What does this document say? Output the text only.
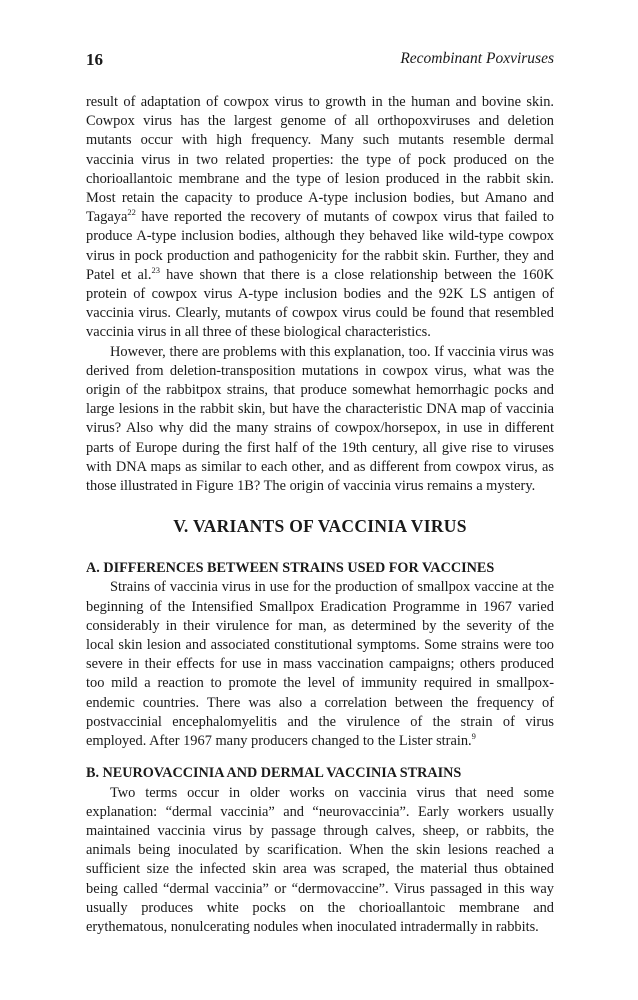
16	Recombinant Poxviruses

result of adaptation of cowpox virus to growth in the human and bovine skin. Cowpox virus has the largest genome of all orthopoxviruses and deletion mutants occur with high frequency. Many such mutants resemble dermal vaccinia virus in two related properties: the type of pock produced on the chorioallantoic membrane and the type of lesion produced in the rabbit skin. Most retain the capacity to produce A-type inclusion bodies, but Amano and Tagaya$^{22}$ have reported the recovery of mutants of cowpox virus that failed to produce A-type inclusion bodies, although they behaved like wild-type cowpox virus in pock production and pathogenicity for the rabbit skin. Further, they and Patel et al.$^{23}$ have shown that there is a close relationship between the 160K protein of cowpox virus A-type inclusion bodies and the 92K LS antigen of vaccinia virus. Clearly, mutants of cowpox virus could be found that resembled vaccinia virus in all three of these biological characteristics.

However, there are problems with this explanation, too. If vaccinia virus was derived from deletion-transposition mutations in cowpox virus, what was the origin of the rabbitpox strains, that produce somewhat hemorrhagic pocks and large lesions in the rabbit skin, but have the characteristic DNA map of vaccinia virus? Also why did the many strains of cowpox/horsepox, in use in different parts of Europe during the first half of the 19th century, all give rise to viruses with DNA maps as similar to each other, and as different from cowpox virus, as those illustrated in Figure 1B? The origin of vaccinia virus remains a mystery.

V. VARIANTS OF VACCINIA VIRUS
A. DIFFERENCES BETWEEN STRAINS USED FOR VACCINES

Strains of vaccinia virus in use for the production of smallpox vaccine at the beginning of the Intensified Smallpox Eradication Programme in 1967 varied considerably in their virulence for man, as determined by the severity of the local skin lesion and associated constitutional symptoms. Some strains were too severe in their effects for use in mass vaccination campaigns; others produced too mild a reaction to promote the level of immunity required in smallpox-endemic countries. There was also a correlation between the frequency of postvaccinial encephalomyelitis and the virulence of the strain of virus employed. After 1967 many producers changed to the Lister strain.$^9$

B. NEUROVACCINIA AND DERMAL VACCINIA STRAINS

Two terms occur in older works on vaccinia virus that need some explanation: “dermal vaccinia” and “neurovaccinia”. Early workers usually maintained vaccinia virus by passage through calves, sheep, or rabbits, the animals being inoculated by scarification. When the skin lesions reached a sufficient size the infected skin area was scraped, the material thus obtained being called “dermal vaccinia” or “dermovaccine”. Virus passaged in this way usually produces white pocks on the chorioallantoic membrane and erythematous, nonulcerating nodules when inoculated intradermally in rabbits.
